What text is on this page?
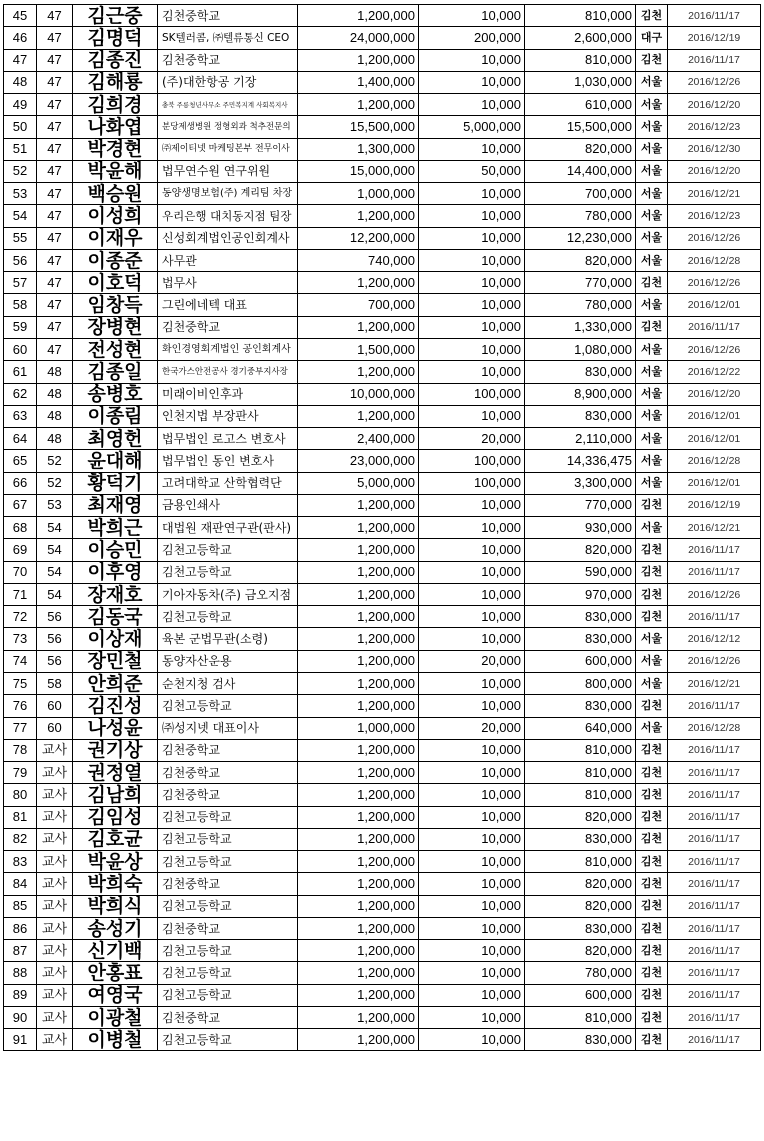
45	47	김근중	김천중학교	1,200,000	10,000	810,000	김천	2016/11/17
46	47	김명덕	SK텔러콤, ㈜텔류통신 CEO	24,000,000	200,000	2,600,000	대구	2016/12/19
47	47	김종진	김천중학교	1,200,000	10,000	810,000	김천	2016/11/17
48	47	김해룡	(주)대한항공 기장	1,400,000	10,000	1,030,000	서울	2016/12/26
49	47	김희경	충북 주릉청년사무소 주민복지계 사회복지사	1,200,000	10,000	610,000	서울	2016/12/20
50	47	나화엽	분당제생병원 정형외과 척추전문의	15,500,000	5,000,000	15,500,000	서울	2016/12/23
51	47	박경현	㈜제이티넷 마케팅본부 전무이사	1,300,000	10,000	820,000	서울	2016/12/30
52	47	박윤해	법무연수원 연구위원	15,000,000	50,000	14,400,000	서울	2016/12/20
53	47	백승원	동양생명보험(주) 계리팀 차장	1,000,000	10,000	700,000	서울	2016/12/21
54	47	이성희	우리은행 대치동지점 팀장	1,200,000	10,000	780,000	서울	2016/12/23
55	47	이재우	신성회계법인공인회계사	12,200,000	10,000	12,230,000	서울	2016/12/26
56	47	이종준	사무관	740,000	10,000	820,000	서울	2016/12/28
57	47	이호덕	법무사	1,200,000	10,000	770,000	김천	2016/12/26
58	47	임창득	그린에네텍 대표	700,000	10,000	780,000	서울	2016/12/01
59	47	장병현	김천중학교	1,200,000	10,000	1,330,000	김천	2016/11/17
60	47	전성현	화인경영회계법인 공인회계사	1,500,000	10,000	1,080,000	서울	2016/12/26
61	48	김종일	한국가스안전공사 경기중부지사장	1,200,000	10,000	830,000	서울	2016/12/22
62	48	송병호	미래이비인후과	10,000,000	100,000	8,900,000	서울	2016/12/20
63	48	이종림	인천지법 부장판사	1,200,000	10,000	830,000	서울	2016/12/01
64	48	최영헌	법무법인 로고스 변호사	2,400,000	20,000	2,110,000	서울	2016/12/01
65	52	윤대해	법무법인 동인 변호사	23,000,000	100,000	14,336,475	서울	2016/12/28
66	52	황덕기	고려대학교 산학협력단	5,000,000	100,000	3,300,000	서울	2016/12/01
67	53	최재영	금용인쇄사	1,200,000	10,000	770,000	김천	2016/12/19
68	54	박희근	대법원 재판연구관(판사)	1,200,000	10,000	930,000	서울	2016/12/21
69	54	이승민	김천고등학교	1,200,000	10,000	820,000	김천	2016/11/17
70	54	이후영	김천고등학교	1,200,000	10,000	590,000	김천	2016/11/17
71	54	장재호	기아자동차(주) 금오지점	1,200,000	10,000	970,000	김천	2016/12/26
72	56	김동국	김천고등학교	1,200,000	10,000	830,000	김천	2016/11/17
73	56	이상재	육본 군법무관(소령)	1,200,000	10,000	830,000	서울	2016/12/12
74	56	장민철	동양자산운용	1,200,000	20,000	600,000	서울	2016/12/26
75	58	안희준	순천지청 검사	1,200,000	10,000	800,000	서울	2016/12/21
76	60	김진성	김천고등학교	1,200,000	10,000	830,000	김천	2016/11/17
77	60	나성윤	㈜성지넷 대표이사	1,000,000	20,000	640,000	서울	2016/12/28
78	교사	권기상	김천중학교	1,200,000	10,000	810,000	김천	2016/11/17
79	교사	권정열	김천중학교	1,200,000	10,000	810,000	김천	2016/11/17
80	교사	김남희	김천중학교	1,200,000	10,000	810,000	김천	2016/11/17
81	교사	김임성	김천고등학교	1,200,000	10,000	820,000	김천	2016/11/17
82	교사	김호균	김천고등학교	1,200,000	10,000	830,000	김천	2016/11/17
83	교사	박윤상	김천고등학교	1,200,000	10,000	810,000	김천	2016/11/17
84	교사	박희숙	김천중학교	1,200,000	10,000	820,000	김천	2016/11/17
85	교사	박희식	김천고등학교	1,200,000	10,000	820,000	김천	2016/11/17
86	교사	송성기	김천중학교	1,200,000	10,000	830,000	김천	2016/11/17
87	교사	신기백	김천고등학교	1,200,000	10,000	820,000	김천	2016/11/17
88	교사	안홍표	김천고등학교	1,200,000	10,000	780,000	김천	2016/11/17
89	교사	여영국	김천고등학교	1,200,000	10,000	600,000	김천	2016/11/17
90	교사	이광철	김천중학교	1,200,000	10,000	810,000	김천	2016/11/17
91	교사	이병철	김천고등학교	1,200,000	10,000	830,000	김천	2016/11/17
